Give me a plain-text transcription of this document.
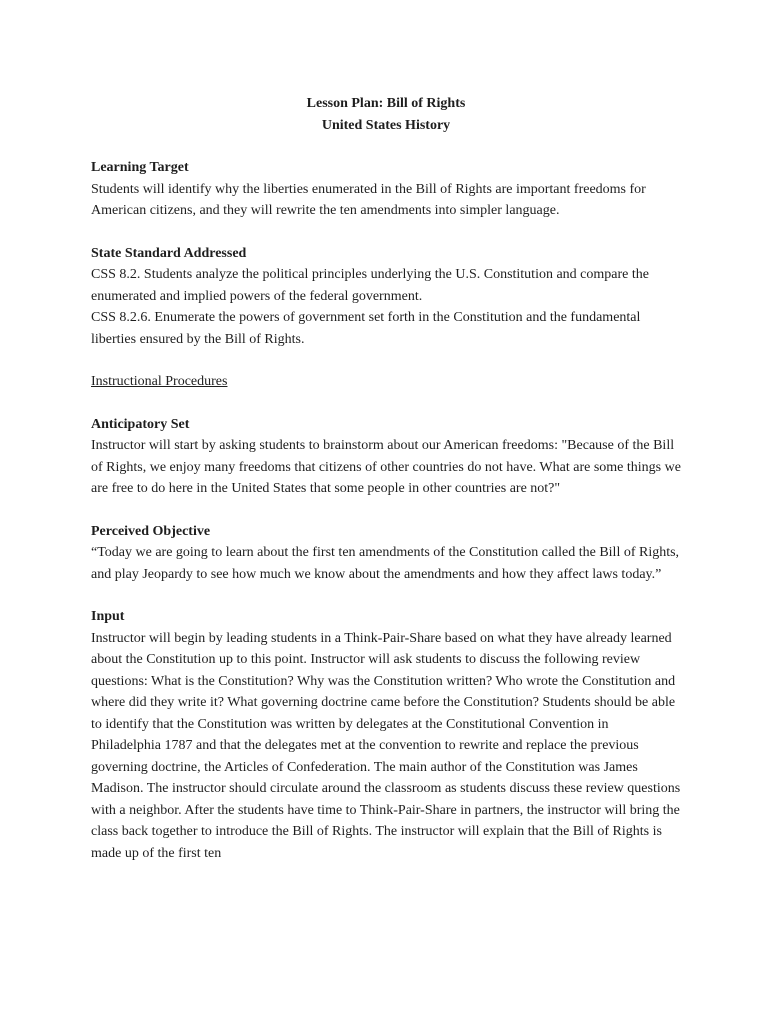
Lesson Plan: Bill of Rights
United States History
Learning Target

Students will identify why the liberties enumerated in the Bill of Rights are important freedoms for American citizens, and they will rewrite the ten amendments into simpler language.

State Standard Addressed

CSS 8.2. Students analyze the political principles underlying the U.S. Constitution and compare the enumerated and implied powers of the federal government.

CSS 8.2.6. Enumerate the powers of government set forth in the Constitution and the fundamental liberties ensured by the Bill of Rights.

Instructional Procedures
Anticipatory Set

Instructor will start by asking students to brainstorm about our American freedoms: "Because of the Bill of Rights, we enjoy many freedoms that citizens of other countries do not have. What are some things we are free to do here in the United States that some people in other countries are not?"

Perceived Objective

“Today we are going to learn about the first ten amendments of the Constitution called the Bill of Rights, and play Jeopardy to see how much we know about the amendments and how they affect laws today.”

Input

Instructor will begin by leading students in a Think-Pair-Share based on what they have already learned about the Constitution up to this point. Instructor will ask students to discuss the following review questions: What is the Constitution? Why was the Constitution written? Who wrote the Constitution and where did they write it? What governing doctrine came before the Constitution? Students should be able to identify that the Constitution was written by delegates at the Constitutional Convention in Philadelphia 1787 and that the delegates met at the convention to rewrite and replace the previous governing doctrine, the Articles of Confederation. The main author of the Constitution was James Madison. The instructor should circulate around the classroom as students discuss these review questions with a neighbor. After the students have time to Think-Pair-Share in partners, the instructor will bring the class back together to introduce the Bill of Rights. The instructor will explain that the Bill of Rights is made up of the first ten
